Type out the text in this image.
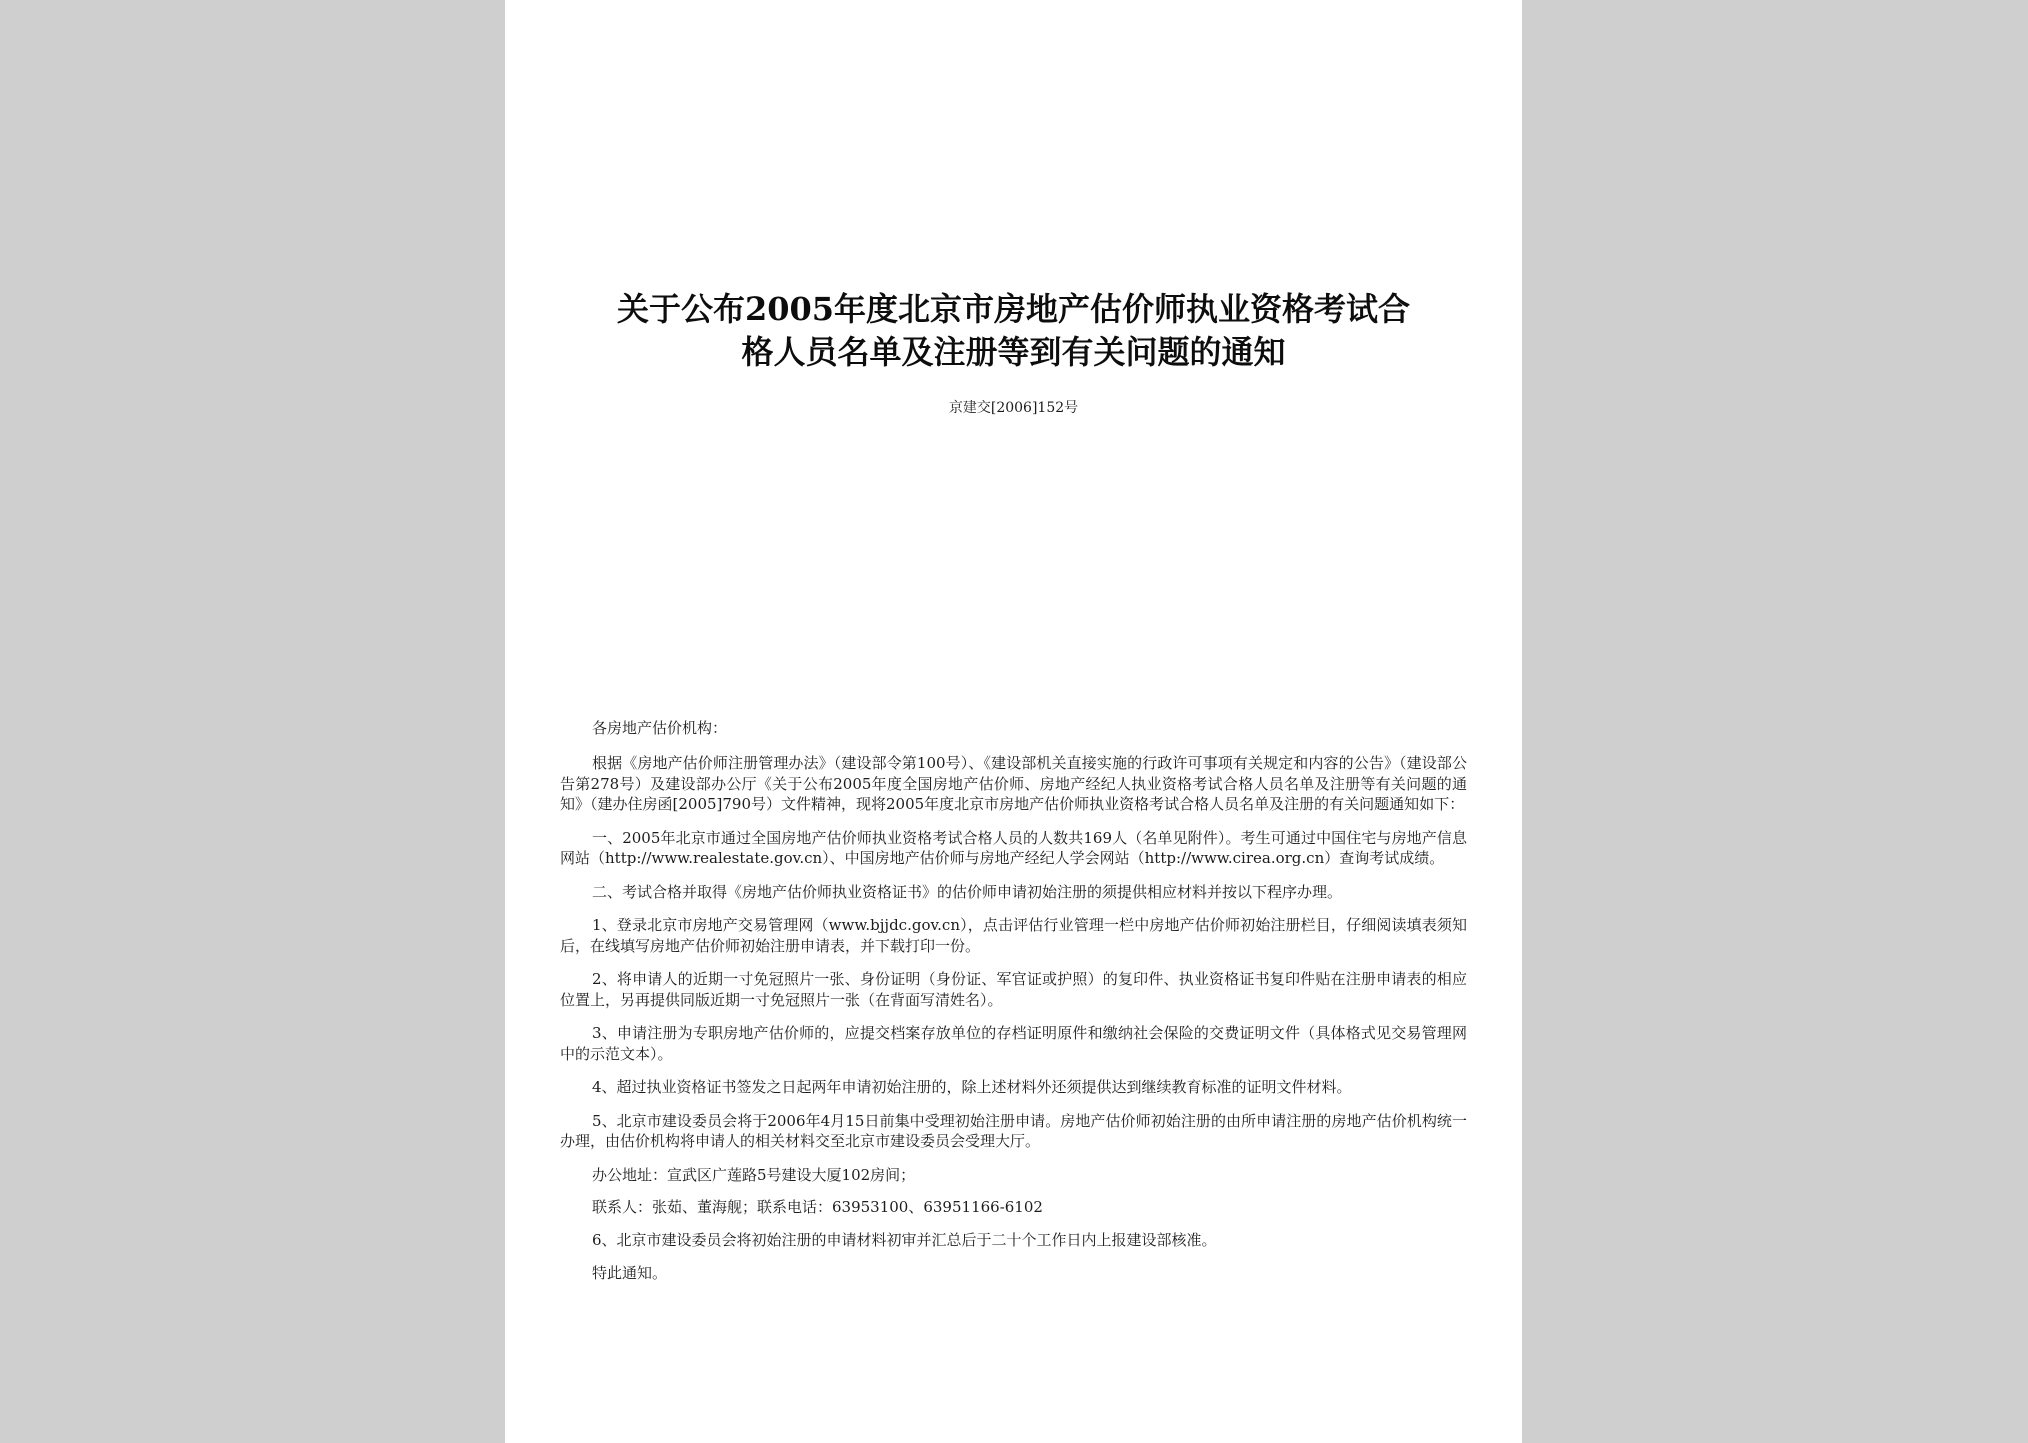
关于公布2005年度北京市房地产估价师执业资格考试合
格人员名单及注册等到有关问题的通知
京建交[2006]152号

各房地产估价机构：

根据《房地产估价师注册管理办法》（建设部令第100号）、《建设部机关直接实施的行政许可事项有关规定和内容的公告》（建设部公告第278号）及建设部办公厅《关于公布2005年度全国房地产估价师、房地产经纪人执业资格考试合格人员名单及注册等有关问题的通知》（建办住房函[2005]790号）文件精神，现将2005年度北京市房地产估价师执业资格考试合格人员名单及注册的有关问题通知如下：

一、2005年北京市通过全国房地产估价师执业资格考试合格人员的人数共169人（名单见附件）。考生可通过中国住宅与房地产信息网站（http://www.realestate.gov.cn）、中国房地产估价师与房地产经纪人学会网站（http://www.cirea.org.cn）查询考试成绩。

二、考试合格并取得《房地产估价师执业资格证书》的估价师申请初始注册的须提供相应材料并按以下程序办理。

1、登录北京市房地产交易管理网（www.bjjdc.gov.cn），点击评估行业管理一栏中房地产估价师初始注册栏目，仔细阅读填表须知后，在线填写房地产估价师初始注册申请表，并下载打印一份。

2、将申请人的近期一寸免冠照片一张、身份证明（身份证、军官证或护照）的复印件、执业资格证书复印件贴在注册申请表的相应位置上，另再提供同版近期一寸免冠照片一张（在背面写清姓名）。

3、申请注册为专职房地产估价师的，应提交档案存放单位的存档证明原件和缴纳社会保险的交费证明文件（具体格式见交易管理网中的示范文本）。

4、超过执业资格证书签发之日起两年申请初始注册的，除上述材料外还须提供达到继续教育标准的证明文件材料。

5、北京市建设委员会将于2006年4月15日前集中受理初始注册申请。房地产估价师初始注册的由所申请注册的房地产估价机构统一办理，由估价机构将申请人的相关材料交至北京市建设委员会受理大厅。

办公地址：宣武区广莲路5号建设大厦102房间；

联系人：张茹、董海舰；联系电话：63953100、63951166-6102

6、北京市建设委员会将初始注册的申请材料初审并汇总后于二十个工作日内上报建设部核准。

特此通知。
